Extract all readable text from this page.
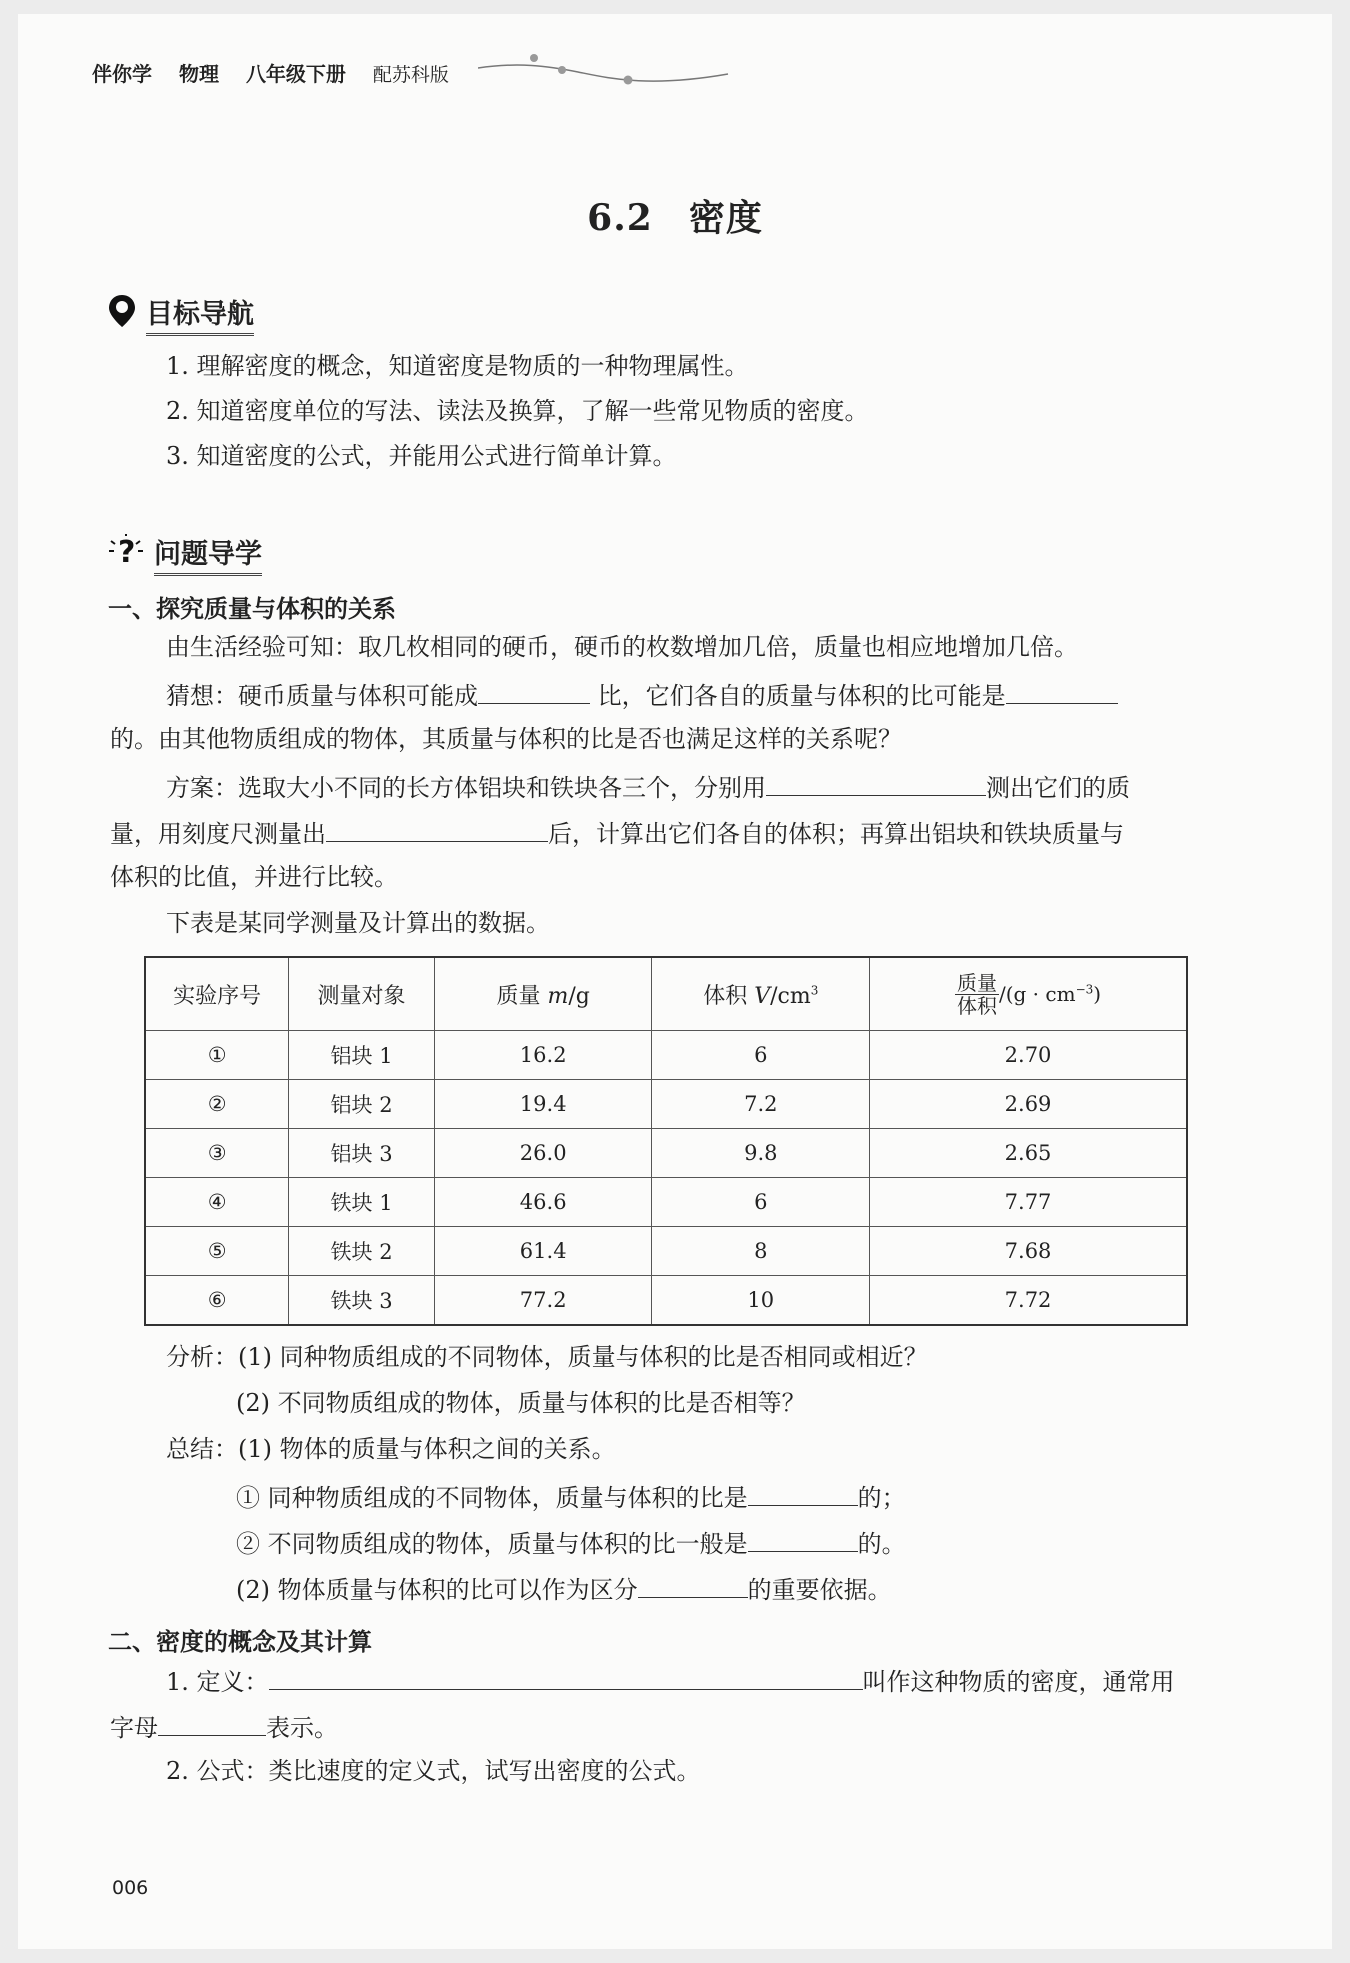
伴你学 物理 八年级下册 配苏科版
6.2 密度
目标导航
1. 理解密度的概念，知道密度是物质的一种物理属性。
2. 知道密度单位的写法、读法及换算，了解一些常见物质的密度。
3. 知道密度的公式，并能用公式进行简单计算。
? 问题导学
一、探究质量与体积的关系
由生活经验可知：取几枚相同的硬币，硬币的枚数增加几倍，质量也相应地增加几倍。
猜想：硬币质量与体积可能成	比，它们各自的质量与体积的比可能是
的。由其他物质组成的物体，其质量与体积的比是否也满足这样的关系呢？
方案：选取大小不同的长方体铝块和铁块各三个，分别用	测出它们的质
量，用刻度尺测量出	后，计算出它们各自的体积；再算出铝块和铁块质量与
体积的比值，并进行比较。
下表是某同学测量及计算出的数据。
实验序号	测量对象	质量 m/g	体积 $V/cm^3$	$\frac{\text{质量}}{\text{体积}} /(g \cdot cm^{-3})$
①	铝块 1	16.2	6	2.70
②	铝块 2	19.4	7.2	2.69
③	铝块 3	26.0	9.8	2.65
④	铁块 1	46.6	6	7.77
⑤	铁块 2	61.4	8	7.68
⑥	铁块 3	77.2	10	7.72
分析：(1) 同种物质组成的不同物体，质量与体积的比是否相同或相近？
(2) 不同物质组成的物体，质量与体积的比是否相等？
总结：(1) 物体的质量与体积之间的关系。
① 同种物质组成的不同物体，质量与体积的比是	的；
② 不同物质组成的物体，质量与体积的比一般是	的。
(2) 物体质量与体积的比可以作为区分	的重要依据。
二、密度的概念及其计算
1. 定义：	叫作这种物质的密度，通常用
字母	表示。
2. 公式：类比速度的定义式，试写出密度的公式。
006
